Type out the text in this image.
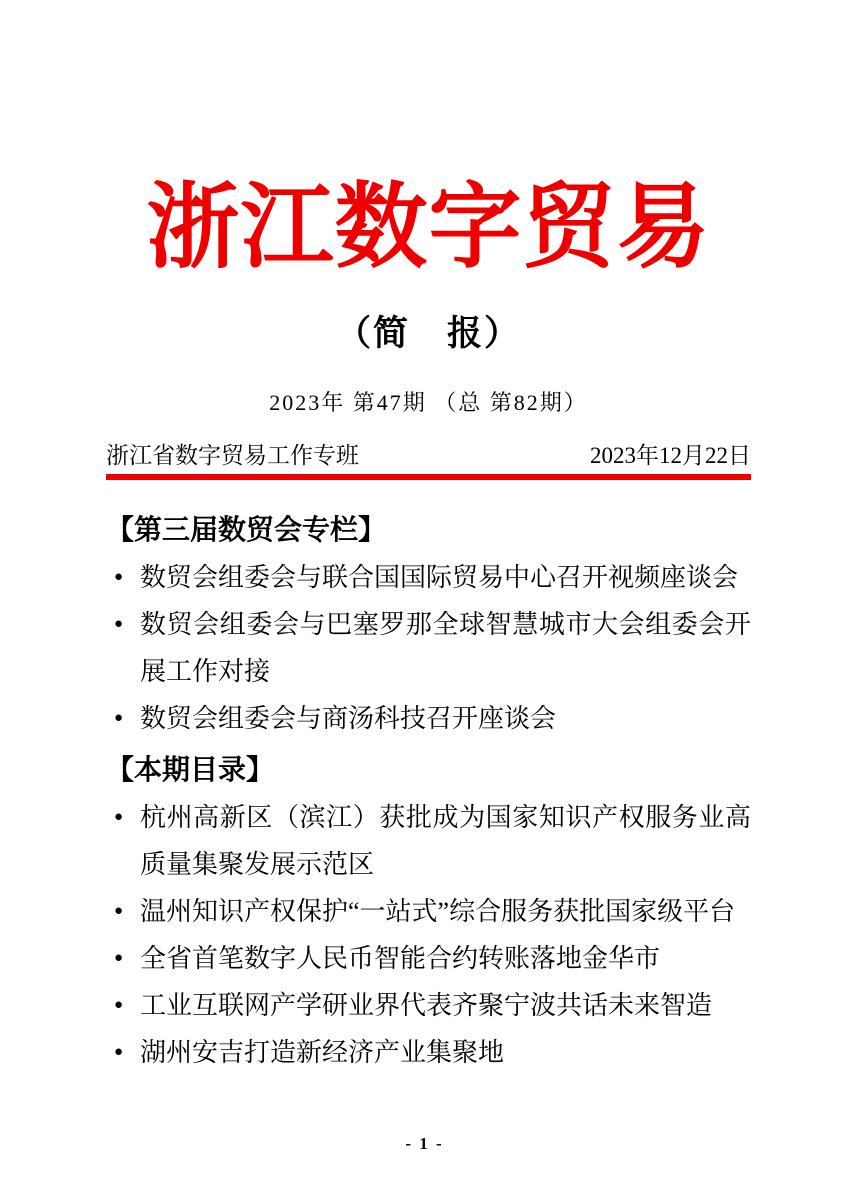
浙江数字贸易
（简　报）
2023年 第47期 （总 第82期）
浙江省数字贸易工作专班	2023年12月22日
【第三届数贸会专栏】
● 数贸会组委会与联合国国际贸易中心召开视频座谈会
● 数贸会组委会与巴塞罗那全球智慧城市大会组委会开展工作对接
● 数贸会组委会与商汤科技召开座谈会
【本期目录】
● 杭州高新区（滨江）获批成为国家知识产权服务业高质量集聚发展示范区
● 温州知识产权保护“一站式”综合服务获批国家级平台
● 全省首笔数字人民币智能合约转账落地金华市
● 工业互联网产学研业界代表齐聚宁波共话未来智造
● 湖州安吉打造新经济产业集聚地
- 1 -
